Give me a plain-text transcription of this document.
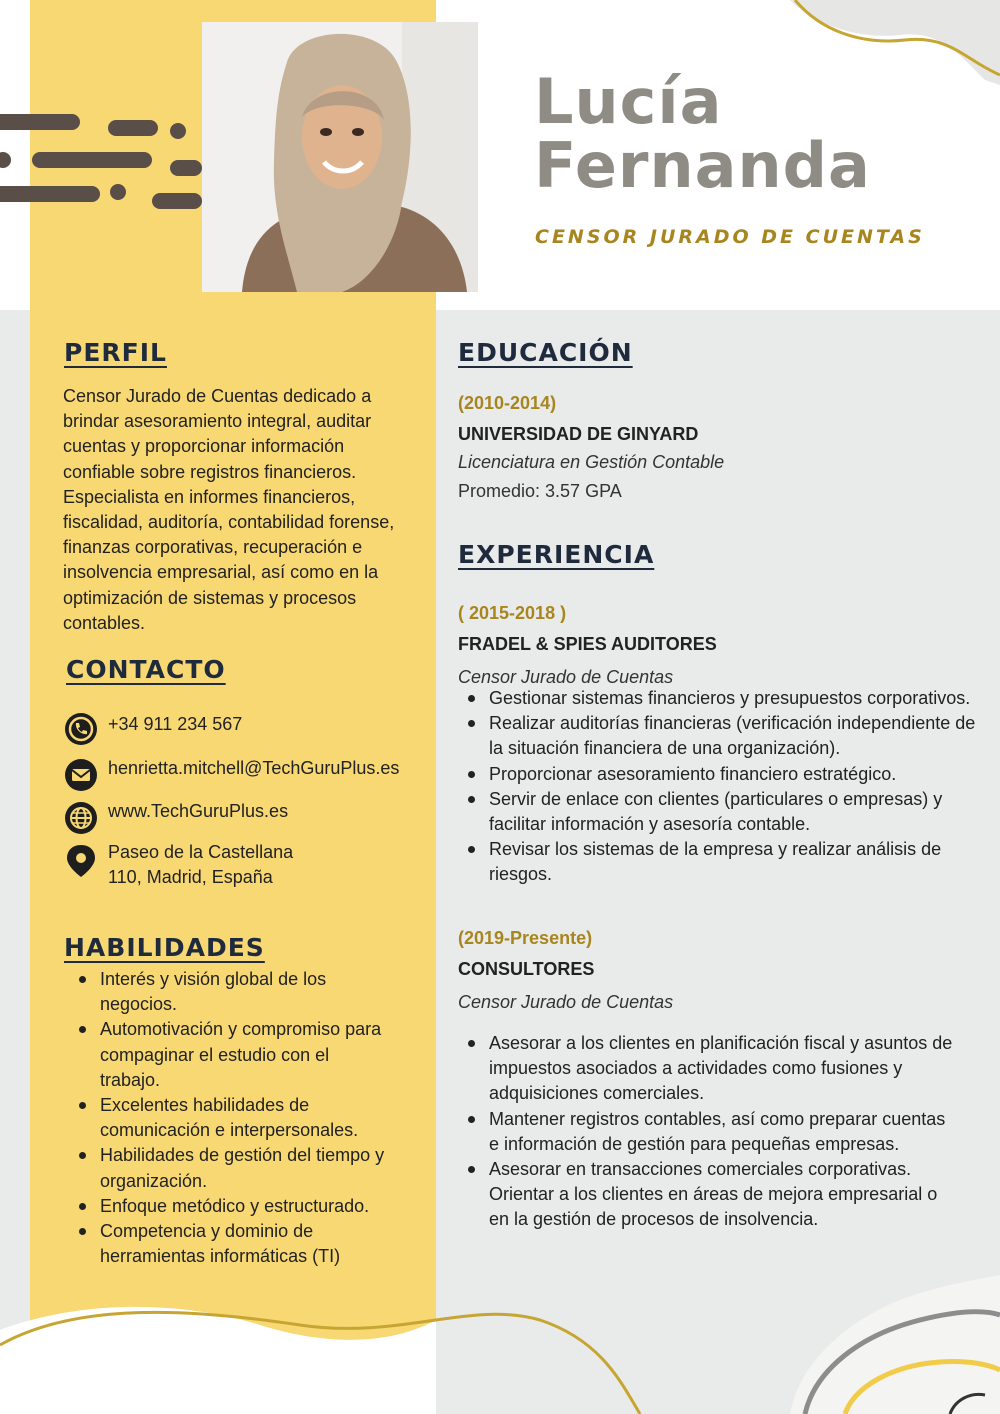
Lucía
Fernanda
CENSOR JURADO DE CUENTAS
PERFIL
Censor Jurado de Cuentas dedicado a brindar asesoramiento integral, auditar cuentas y proporcionar información confiable sobre registros financieros. Especialista en informes financieros, fiscalidad, auditoría, contabilidad forense, finanzas corporativas, recuperación e insolvencia empresarial, así como en la optimización de sistemas y procesos contables.
CONTACTO
+34 911 234 567
henrietta.mitchell@TechGuruPlus.es
www.TechGuruPlus.es
Paseo de la Castellana
110, Madrid, España
HABILIDADES
Interés y visión global de los negocios.
Automotivación y compromiso para compaginar el estudio con el trabajo.
Excelentes habilidades de comunicación e interpersonales.
Habilidades de gestión del tiempo y organización.
Enfoque metódico y estructurado.
Competencia y dominio de herramientas informáticas (TI)
EDUCACIÓN
(2010-2014)
UNIVERSIDAD DE GINYARD
Licenciatura en Gestión Contable
Promedio: 3.57 GPA
EXPERIENCIA
( 2015-2018 )
FRADEL & SPIES AUDITORES
Censor Jurado de Cuentas
Gestionar sistemas financieros y presupuestos corporativos.
Realizar auditorías financieras (verificación independiente de la situación financiera de una organización).
Proporcionar asesoramiento financiero estratégico.
Servir de enlace con clientes (particulares o empresas) y facilitar información y asesoría contable.
Revisar los sistemas de la empresa y realizar análisis de riesgos.
(2019-Presente)
CONSULTORES
Censor Jurado de Cuentas
Asesorar a los clientes en planificación fiscal y asuntos de impuestos asociados a actividades como fusiones y adquisiciones comerciales.
Mantener registros contables, así como preparar cuentas e información de gestión para pequeñas empresas.
Asesorar en transacciones comerciales corporativas. Orientar a los clientes en áreas de mejora empresarial o en la gestión de procesos de insolvencia.
